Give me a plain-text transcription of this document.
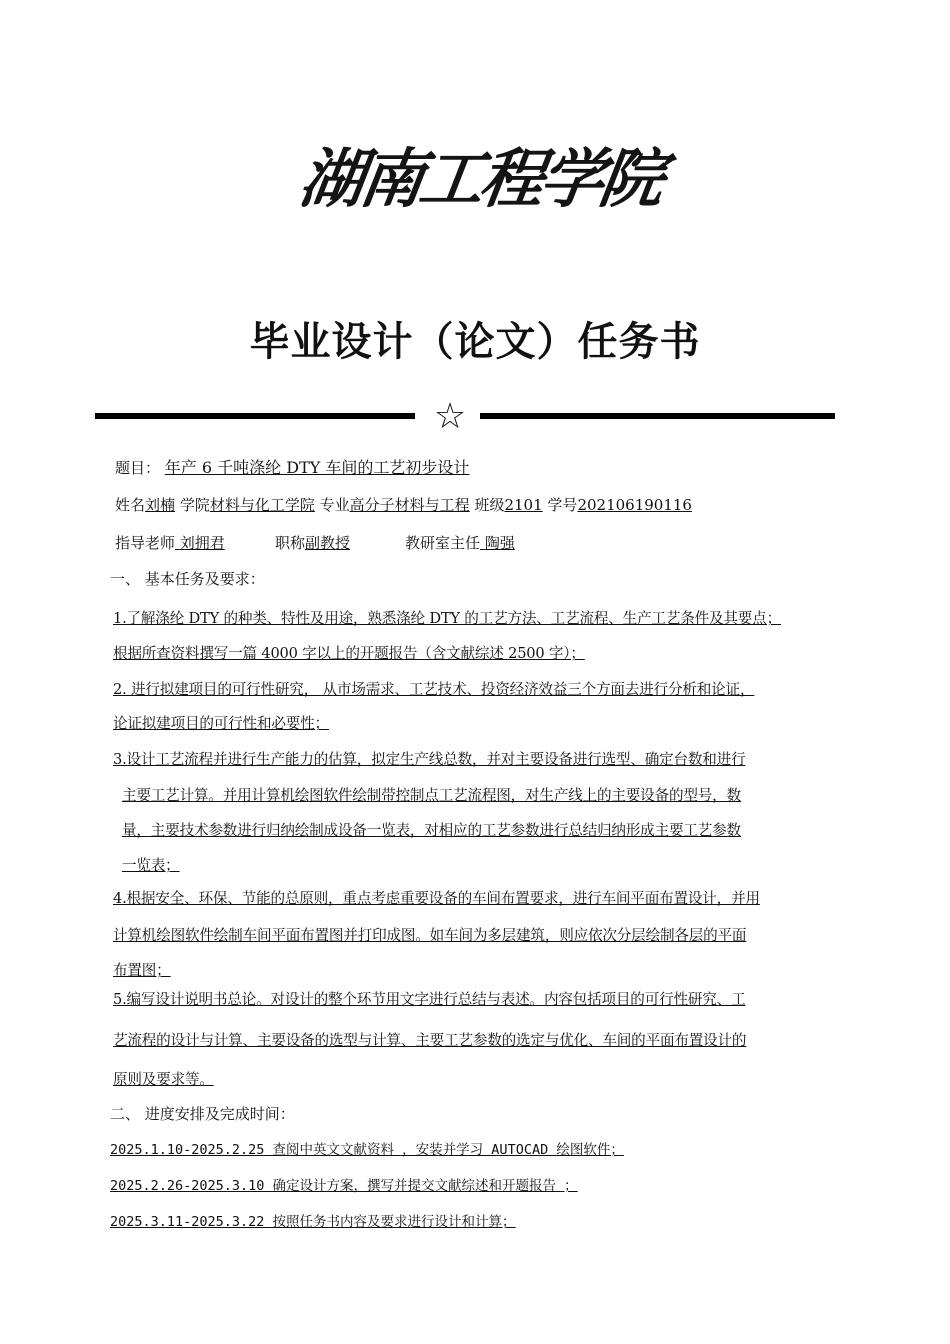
湖南工程学院
毕业设计（论文）任务书
☆
题目： 年产 6 千吨涤纶 DTY 车间的工艺初步设计
姓名刘楠 学院材料与化工学院 专业高分子材料与工程 班级2101 学号202106190116
指导老师 刘拥君	职称副教授	教研室主任 陶强
一、 基本任务及要求：
1.了解涤纶 DTY 的种类、特性及用途，熟悉涤纶 DTY 的工艺方法、工艺流程、生产工艺条件及其要点；
根据所查资料撰写一篇 4000 字以上的开题报告（含文献综述 2500 字）；
2. 进行拟建项目的可行性研究， 从市场需求、工艺技术、投资经济效益三个方面去进行分析和论证，
论证拟建项目的可行性和必要性；
3.设计工艺流程并进行生产能力的估算，拟定生产线总数，并对主要设备进行选型、确定台数和进行
主要工艺计算。并用计算机绘图软件绘制带控制点工艺流程图，对生产线上的主要设备的型号，数
量，主要技术参数进行归纳绘制成设备一览表，对相应的工艺参数进行总结归纳形成主要工艺参数
一览表；
4.根据安全、环保、节能的总原则，重点考虑重要设备的车间布置要求，进行车间平面布置设计，并用
计算机绘图软件绘制车间平面布置图并打印成图。如车间为多层建筑，则应依次分层绘制各层的平面
布置图；
5.编写设计说明书总论。对设计的整个环节用文字进行总结与表述。内容包括项目的可行性研究、工
艺流程的设计与计算、主要设备的选型与计算、主要工艺参数的选定与优化、车间的平面布置设计的
原则及要求等。
二、 进度安排及完成时间：
2025.1.10-2025.2.25 查阅中英文文献资料 ，安装并学习 AUTOCAD 绘图软件；
2025.2.26-2025.3.10 确定设计方案，撰写并提交文献综述和开题报告 ；
2025.3.11-2025.3.22 按照任务书内容及要求进行设计和计算；
